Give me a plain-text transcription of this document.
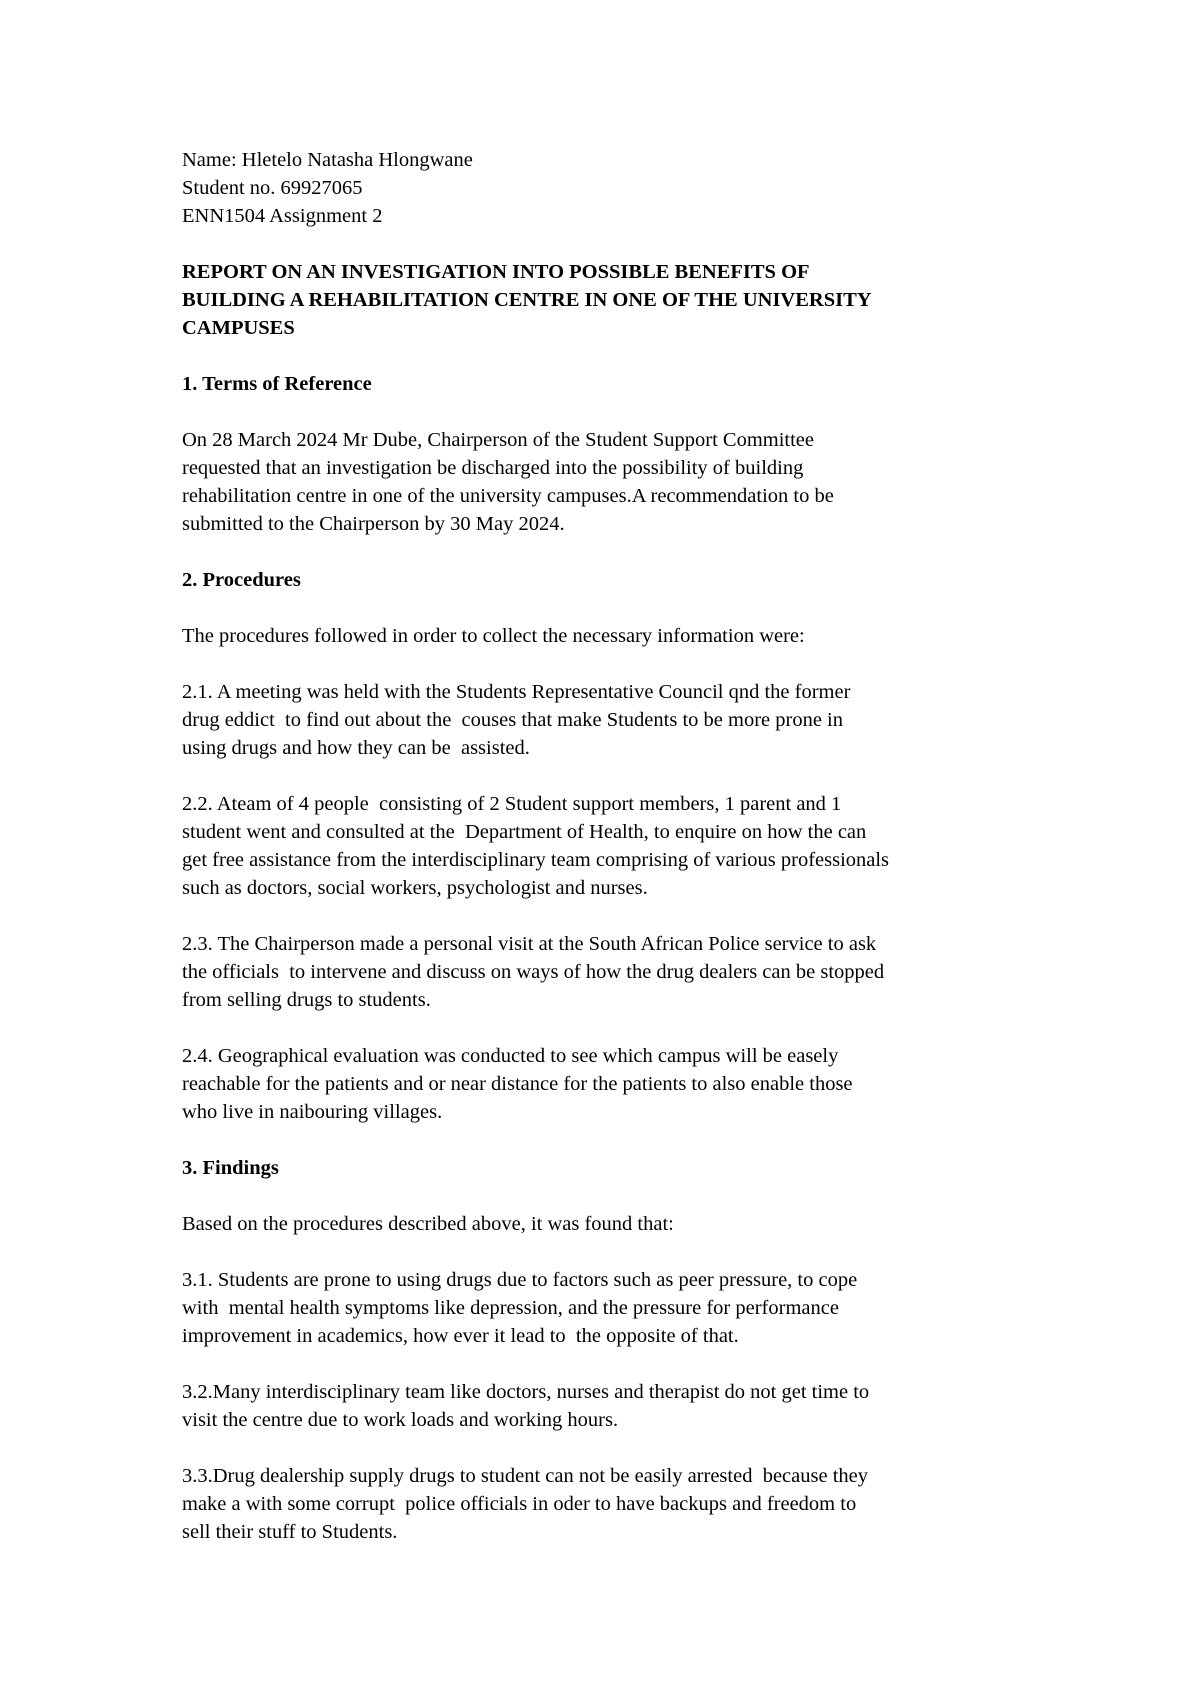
Name: Hletelo Natasha Hlongwane
Student no. 69927065
ENN1504 Assignment 2
REPORT ON AN INVESTIGATION INTO POSSIBLE BENEFITS OF
BUILDING A REHABILITATION CENTRE IN ONE OF THE UNIVERSITY
CAMPUSES
1. Terms of Reference
On 28 March 2024 Mr Dube, Chairperson of the Student Support Committee
requested that an investigation be discharged into the possibility of building
rehabilitation centre in one of the university campuses.A recommendation to be
submitted to the Chairperson by 30 May 2024.
2. Procedures
The procedures followed in order to collect the necessary information were:
2.1. A meeting was held with the Students Representative Council qnd the former
drug eddict  to find out about the  couses that make Students to be more prone in
using drugs and how they can be  assisted.
2.2. Ateam of 4 people  consisting of 2 Student support members, 1 parent and 1
student went and consulted at the  Department of Health, to enquire on how the can
get free assistance from the interdisciplinary team comprising of various professionals
such as doctors, social workers, psychologist and nurses.
2.3. The Chairperson made a personal visit at the South African Police service to ask
the officials  to intervene and discuss on ways of how the drug dealers can be stopped
from selling drugs to students.
2.4. Geographical evaluation was conducted to see which campus will be easely
reachable for the patients and or near distance for the patients to also enable those
who live in naibouring villages.
3. Findings
Based on the procedures described above, it was found that:
3.1. Students are prone to using drugs due to factors such as peer pressure, to cope
with  mental health symptoms like depression, and the pressure for performance
improvement in academics, how ever it lead to  the opposite of that.
3.2.Many interdisciplinary team like doctors, nurses and therapist do not get time to
visit the centre due to work loads and working hours.
3.3.Drug dealership supply drugs to student can not be easily arrested  because they
make a with some corrupt  police officials in oder to have backups and freedom to
sell their stuff to Students.
